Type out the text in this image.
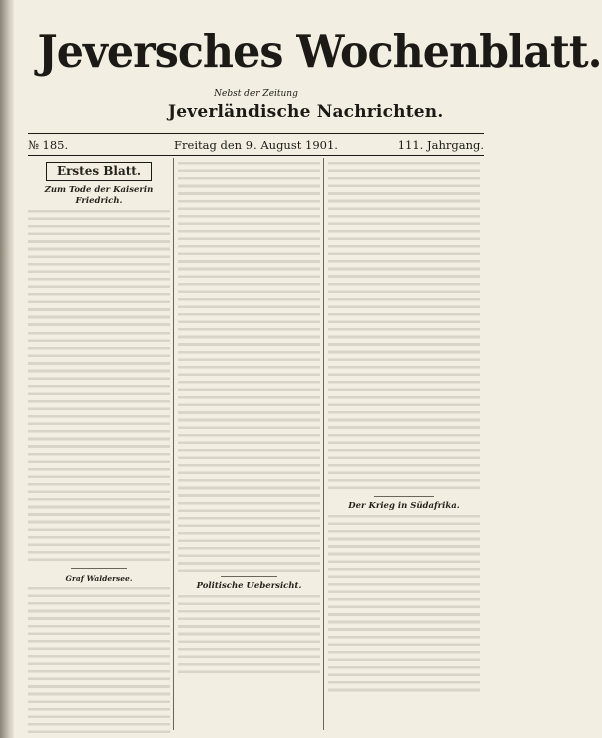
Jeversches Wochenblatt.
Nebst der Zeitung
Jeverländische Nachrichten.
№ 185.	Freitag den 9. August 1901.	111. Jahrgang.
Erstes Blatt.
Zum Tode der Kaiserin Friedrich.
Graf Waldersee.
Politische Uebersicht.
Der Krieg in Südafrika.
